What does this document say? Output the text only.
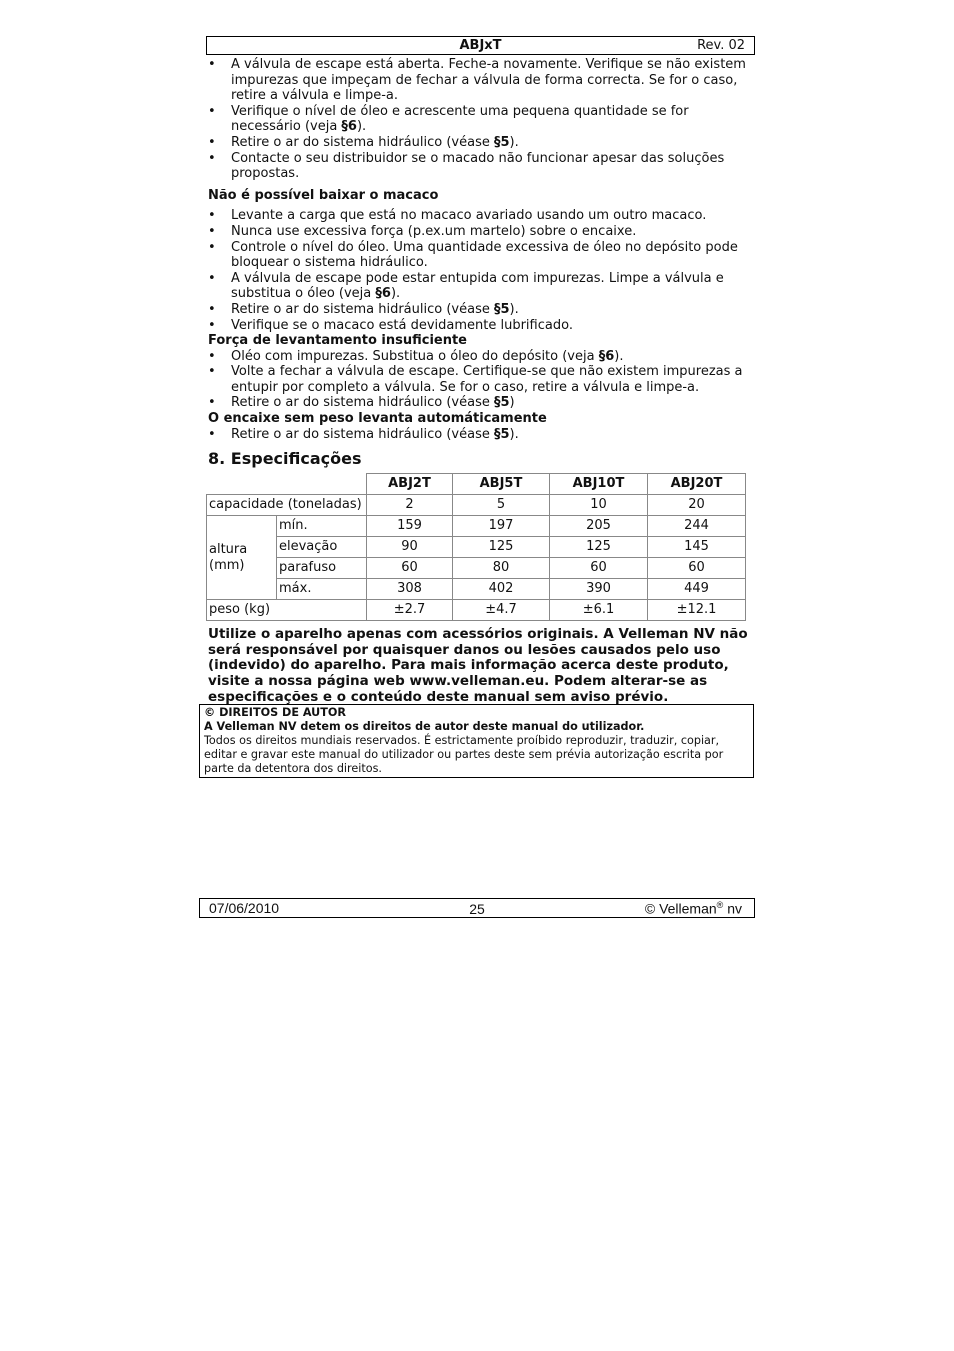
ABJxT	Rev. 02
• A válvula de escape está aberta. Feche-a novamente. Verifique se não existem impurezas que impeçam de fechar a válvula de forma correcta. Se for o caso, retire a válvula e limpe-a.
• Verifique o nível de óleo e acrescente uma pequena quantidade se for necessário (veja §6).
• Retire o ar do sistema hidráulico (véase §5).
• Contacte o seu distribuidor se o macado não funcionar apesar das soluções propostas.
Não é possível baixar o macaco
• Levante a carga que está no macaco avariado usando um outro macaco.
• Nunca use excessiva força (p.ex.um martelo) sobre o encaixe.
• Controle o nível do óleo. Uma quantidade excessiva de óleo no depósito pode bloquear o sistema hidráulico.
• A válvula de escape pode estar entupida com impurezas. Limpe a válvula e substitua o óleo (veja §6).
• Retire o ar do sistema hidráulico (véase §5).
• Verifique se o macaco está devidamente lubrificado.
Força de levantamento insuficiente
• Oléo com impurezas. Substitua o óleo do depósito (veja §6).
• Volte a fechar a válvula de escape. Certifique-se que não existem impurezas a entupir por completo a válvula. Se for o caso, retire a válvula e limpe-a.
• Retire o ar do sistema hidráulico (véase §5)
O encaixe sem peso levanta automáticamente
• Retire o ar do sistema hidráulico (véase §5).
8. Especificações
		ABJ2T	ABJ5T	ABJ10T	ABJ20T
capacidade (toneladas)		2	5	10	20
altura (mm)	mín.	159	197	205	244
	elevação	90	125	125	145
	parafuso	60	80	60	60
	máx.	308	402	390	449
peso (kg)		±2.7	±4.7	±6.1	±12.1

Utilize o aparelho apenas com acessórios originais. A Velleman NV não será responsável por quaisquer danos ou lesões causados pelo uso (indevido) do aparelho. Para mais informação acerca deste produto, visite a nossa página web www.velleman.eu. Podem alterar-se as especificações e o conteúdo deste manual sem aviso prévio.

© DIREITOS DE AUTOR
A Velleman NV detem os direitos de autor deste manual do utilizador.
Todos os direitos mundiais reservados. É estrictamente proíbido reproduzir, traduzir, copiar, editar e gravar este manual do utilizador ou partes deste sem prévia autorização escrita por parte da detentora dos direitos.
07/06/2010	25	© Velleman® nv
